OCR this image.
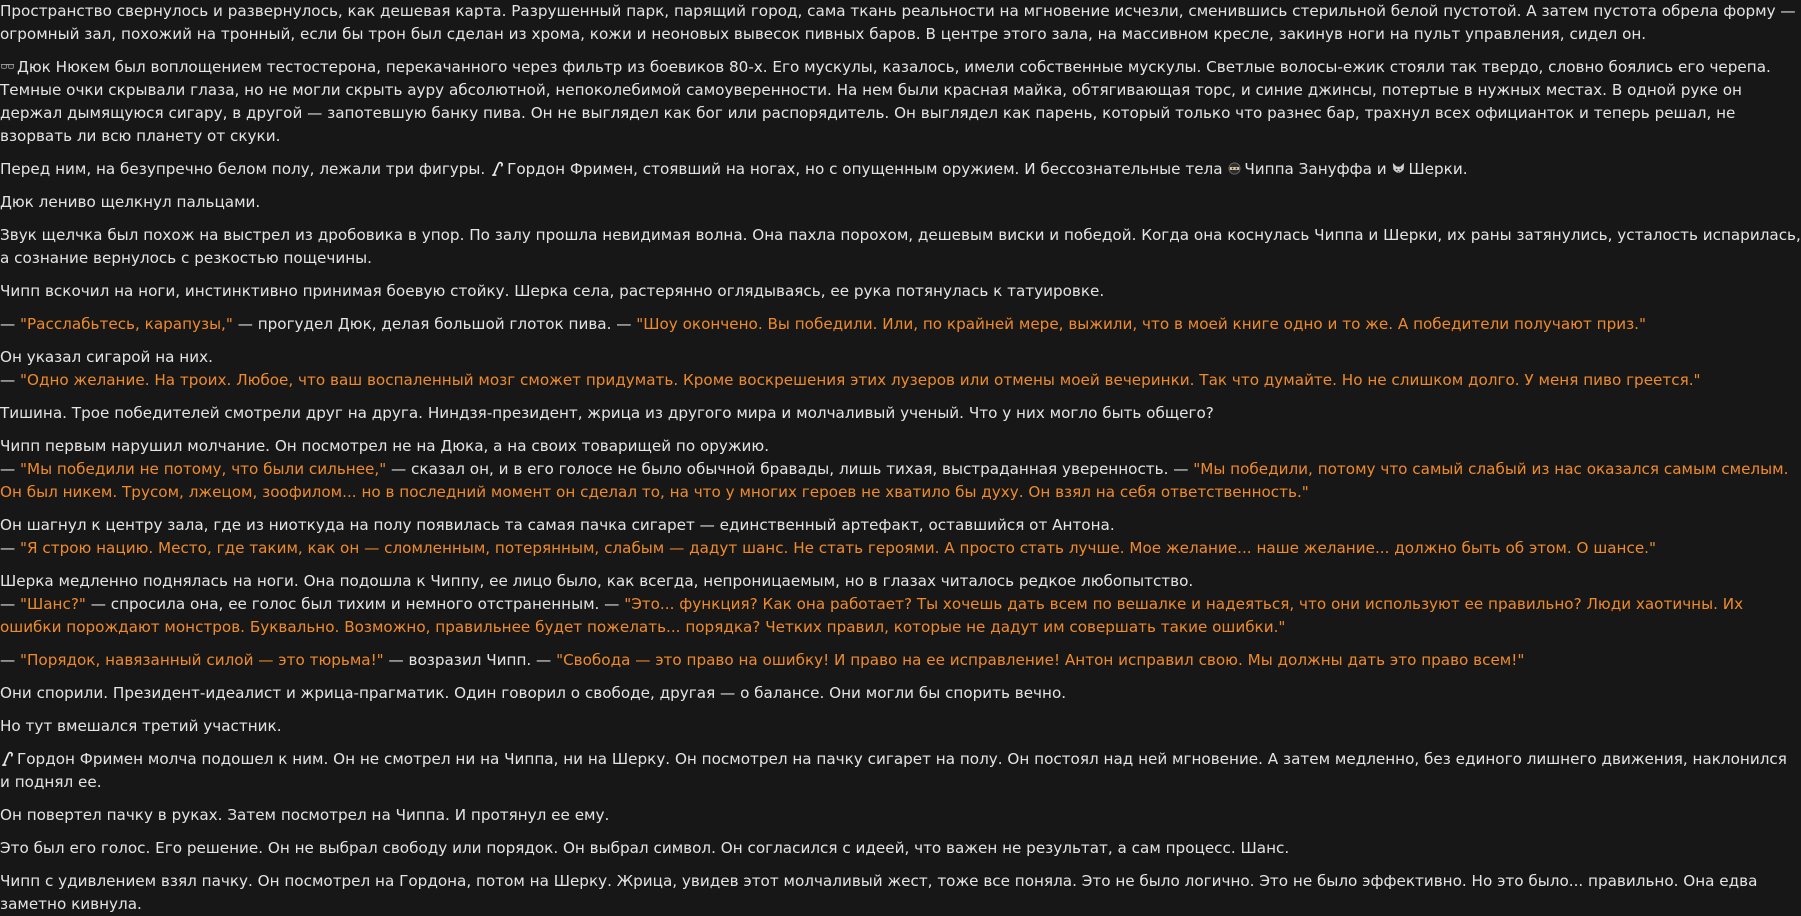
Пространство свернулось и развернулось, как дешевая карта. Разрушенный парк, парящий город, сама ткань реальности на мгновение исчезли, сменившись стерильной белой пустотой. А затем пустота обрела форму — огромный зал, похожий на тронный, если бы трон был сделан из хрома, кожи и неоновых вывесок пивных баров. В центре этого зала, на массивном кресле, закинув ноги на пульт управления, сидел он.
Дюк Нюкем был воплощением тестостерона, перекачанного через фильтр из боевиков 80-х. Его мускулы, казалось, имели собственные мускулы. Светлые волосы-ежик стояли так твердо, словно боялись его черепа. Темные очки скрывали глаза, но не могли скрыть ауру абсолютной, непоколебимой самоуверенности. На нем были красная майка, обтягивающая торс, и синие джинсы, потертые в нужных местах. В одной руке он держал дымящуюся сигару, в другой — запотевшую банку пива. Он не выглядел как бог или распорядитель. Он выглядел как парень, который только что разнес бар, трахнул всех официанток и теперь решал, не взорвать ли всю планету от скуки.
Перед ним, на безупречно белом полу, лежали три фигуры. Гордон Фримен, стоявший на ногах, но с опущенным оружием. И бессознательные тела Чиппа Зануффа и Шерки.
Дюк лениво щелкнул пальцами.
Звук щелчка был похож на выстрел из дробовика в упор. По залу прошла невидимая волна. Она пахла порохом, дешевым виски и победой. Когда она коснулась Чиппа и Шерки, их раны затянулись, усталость испарилась, а сознание вернулось с резкостью пощечины.
Чипп вскочил на ноги, инстинктивно принимая боевую стойку. Шерка села, растерянно оглядываясь, ее рука потянулась к татуировке.
— "Расслабьтесь, карапузы," — прогудел Дюк, делая большой глоток пива. — "Шоу окончено. Вы победили. Или, по крайней мере, выжили, что в моей книге одно и то же. А победители получают приз."
Он указал сигарой на них.
— "Одно желание. На троих. Любое, что ваш воспаленный мозг сможет придумать. Кроме воскрешения этих лузеров или отмены моей вечеринки. Так что думайте. Но не слишком долго. У меня пиво греется."
Тишина. Трое победителей смотрели друг на друга. Ниндзя-президент, жрица из другого мира и молчаливый ученый. Что у них могло быть общего?
Чипп первым нарушил молчание. Он посмотрел не на Дюка, а на своих товарищей по оружию.
— "Мы победили не потому, что были сильнее," — сказал он, и в его голосе не было обычной бравады, лишь тихая, выстраданная уверенность. — "Мы победили, потому что самый слабый из нас оказался самым смелым. Он был никем. Трусом, лжецом, зоофилом... но в последний момент он сделал то, на что у многих героев не хватило бы духу. Он взял на себя ответственность."
Он шагнул к центру зала, где из ниоткуда на полу появилась та самая пачка сигарет — единственный артефакт, оставшийся от Антона.
— "Я строю нацию. Место, где таким, как он — сломленным, потерянным, слабым — дадут шанс. Не стать героями. А просто стать лучше. Мое желание... наше желание... должно быть об этом. О шансе."
Шерка медленно поднялась на ноги. Она подошла к Чиппу, ее лицо было, как всегда, непроницаемым, но в глазах читалось редкое любопытство.
— "Шанс?" — спросила она, ее голос был тихим и немного отстраненным. — "Это... функция? Как она работает? Ты хочешь дать всем по вешалке и надеяться, что они используют ее правильно? Люди хаотичны. Их ошибки порождают монстров. Буквально. Возможно, правильнее будет пожелать... порядка? Четких правил, которые не дадут им совершать такие ошибки."
— "Порядок, навязанный силой — это тюрьма!" — возразил Чипп. — "Свобода — это право на ошибку! И право на ее исправление! Антон исправил свою. Мы должны дать это право всем!"
Они спорили. Президент-идеалист и жрица-прагматик. Один говорил о свободе, другая — о балансе. Они могли бы спорить вечно.
Но тут вмешался третий участник.
Гордон Фримен молча подошел к ним. Он не смотрел ни на Чиппа, ни на Шерку. Он посмотрел на пачку сигарет на полу. Он постоял над ней мгновение. А затем медленно, без единого лишнего движения, наклонился и поднял ее.
Он повертел пачку в руках. Затем посмотрел на Чиппа. И протянул ее ему.
Это был его голос. Его решение. Он не выбрал свободу или порядок. Он выбрал символ. Он согласился с идеей, что важен не результат, а сам процесс. Шанс.
Чипп с удивлением взял пачку. Он посмотрел на Гордона, потом на Шерку. Жрица, увидев этот молчаливый жест, тоже все поняла. Это не было логично. Это не было эффективно. Но это было... правильно. Она едва заметно кивнула.
